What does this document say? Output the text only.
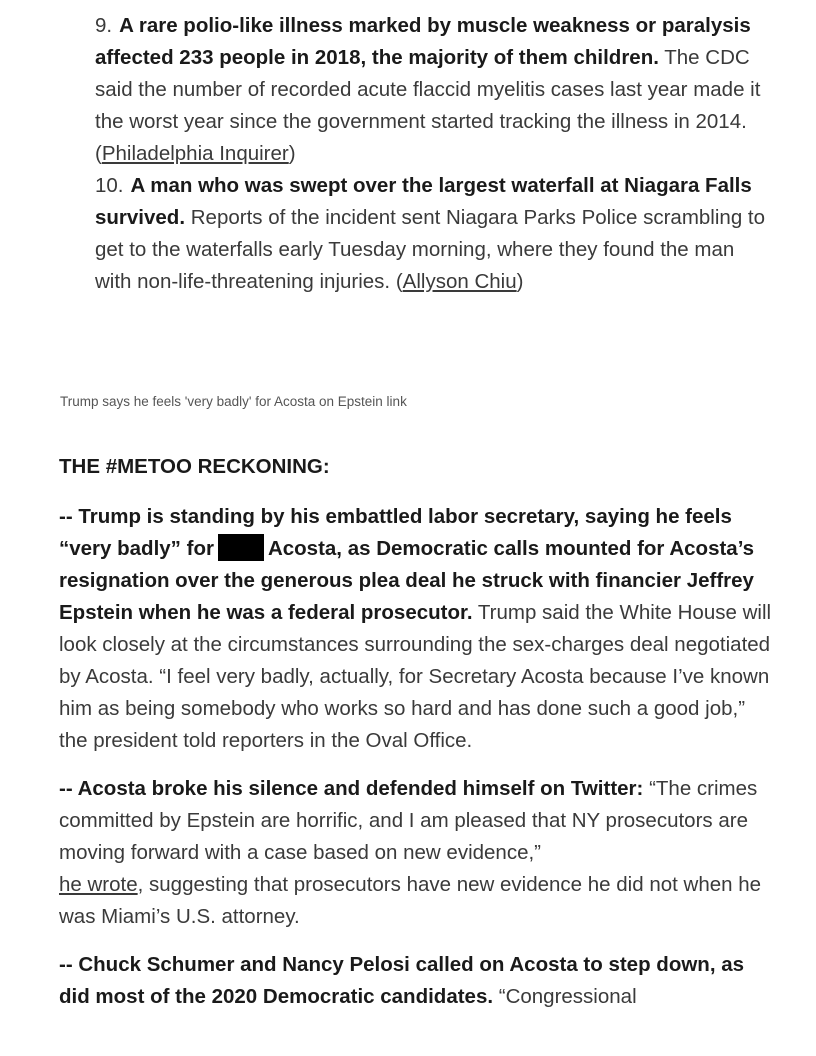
9. A rare polio-like illness marked by muscle weakness or paralysis affected 233 people in 2018, the majority of them children. The CDC said the number of recorded acute flaccid myelitis cases last year made it the worst year since the government started tracking the illness in 2014. (Philadelphia Inquirer)

10. A man who was swept over the largest waterfall at Niagara Falls survived. Reports of the incident sent Niagara Parks Police scrambling to get to the waterfalls early Tuesday morning, where they found the man with non-life-threatening injuries. (Allyson Chiu)

Trump says he feels 'very badly' for Acosta on Epstein link
THE #METOO RECKONING:

-- Trump is standing by his embattled labor secretary, saying he feels “very badly” for	Acosta, as Democratic calls mounted for Acosta’s resignation over the generous plea deal he struck with financier Jeffrey Epstein when he was a federal prosecutor. Trump said the White House will look closely at the circumstances surrounding the sex-charges deal negotiated by Acosta. “I feel very badly, actually, for Secretary Acosta because I’ve known him as being somebody who works so hard and has done such a good job,” the president told reporters in the Oval Office.

-- Acosta broke his silence and defended himself on Twitter: “The crimes committed by Epstein are horrific, and I am pleased that NY prosecutors are moving forward with a case based on new evidence,”
he wrote, suggesting that prosecutors have new evidence he did not when he was Miami’s U.S. attorney.

-- Chuck Schumer and Nancy Pelosi called on Acosta to step down, as did most of the 2020 Democratic candidates. “Congressional
